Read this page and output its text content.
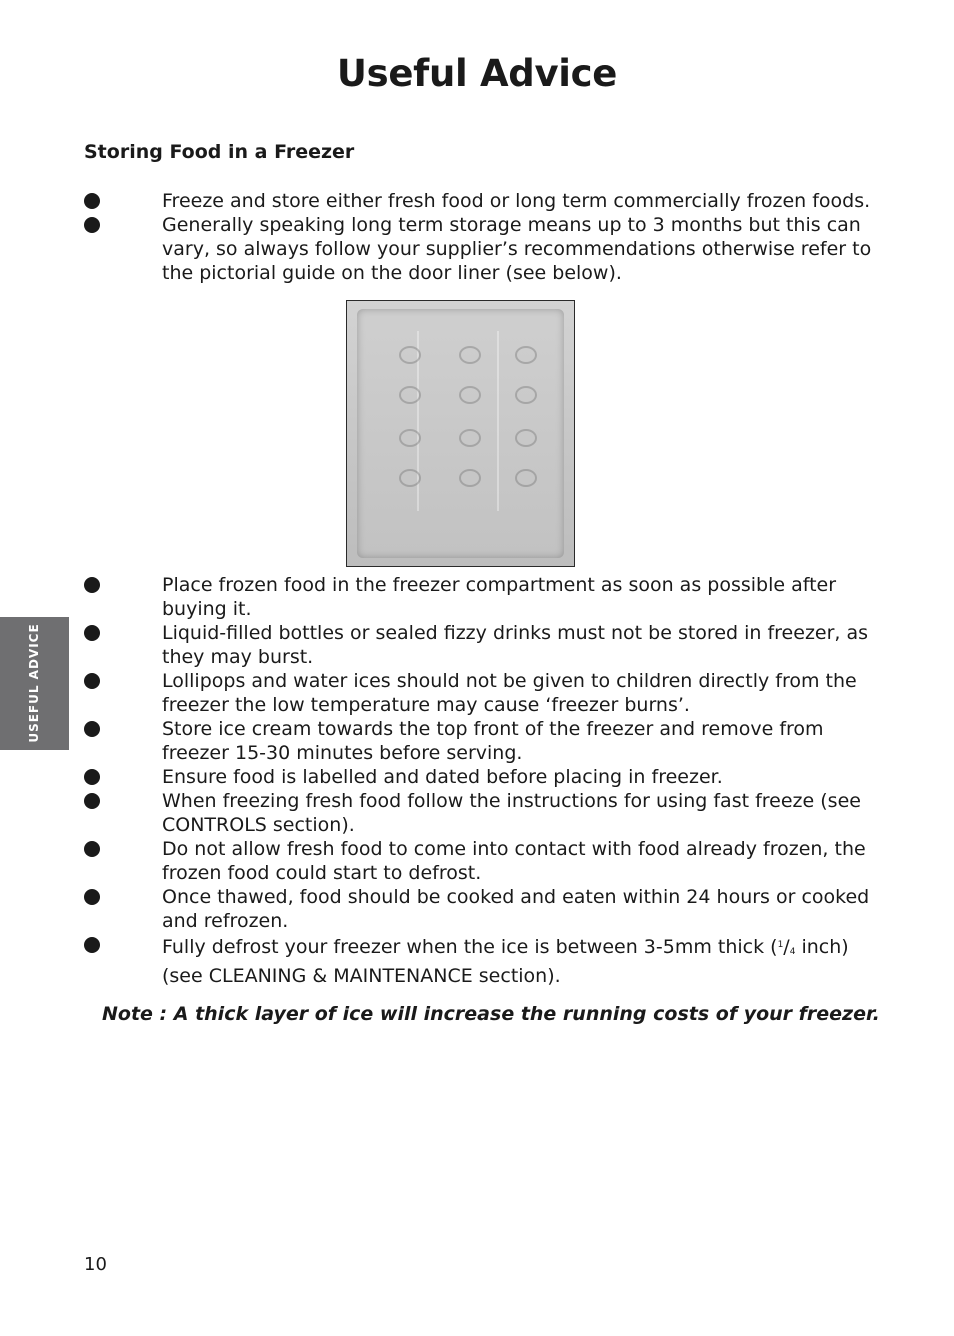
Useful Advice
Storing Food in a Freezer
Freeze and store either fresh food or long term commercially frozen foods.
Generally speaking long term storage means up to 3 months but this can vary, so always follow your supplier’s recommendations otherwise refer to the pictorial guide on the door liner (see below).
Place frozen food in the freezer compartment as soon as possible after buying it.
Liquid-filled bottles or sealed fizzy drinks must not be stored in freezer, as they may burst.
Lollipops and water ices should not be given to children directly from the freezer the low temperature may cause ‘freezer burns’.
Store ice cream towards the top front of the freezer and remove from freezer 15-30 minutes before serving.
Ensure food is labelled and dated before placing in freezer.
When freezing fresh food follow the instructions for using fast freeze (see CONTROLS section).
Do not allow fresh food to come into contact with food already frozen, the frozen food could start to defrost.
Once thawed, food should be cooked and eaten within 24 hours or cooked and refrozen.
Fully defrost your freezer when the ice is between 3-5mm thick ($^1/_4$ inch) (see CLEANING & MAINTENANCE section).
Note : A thick layer of ice will increase the running costs of your freezer.
USEFUL ADVICE
10
